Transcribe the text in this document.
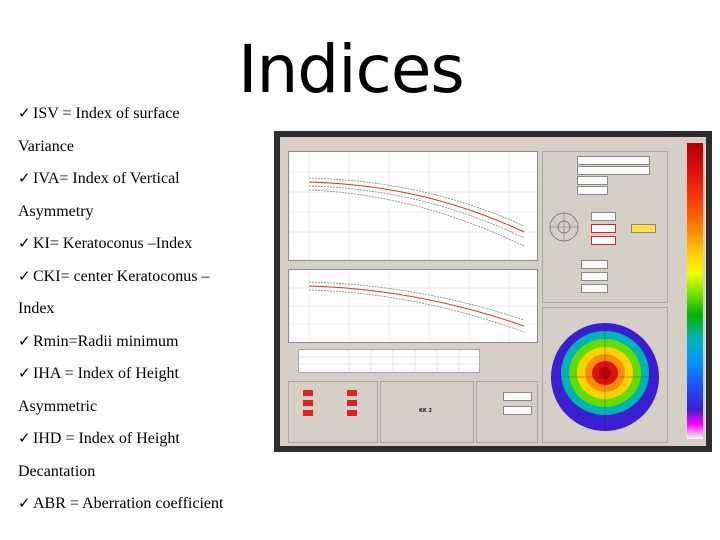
Indices
✓ ISV = Index of surface
Variance
✓ IVA= Index of Vertical
Asymmetry
✓ KI= Keratoconus –Index
✓ CKI= center Keratoconus –
Index
✓ Rmin=Radii minimum
✓ IHA = Index of Height
Asymmetric
✓ IHD = Index of Height
Decantation
✓ ABR = Aberration coefficient
KK 2
